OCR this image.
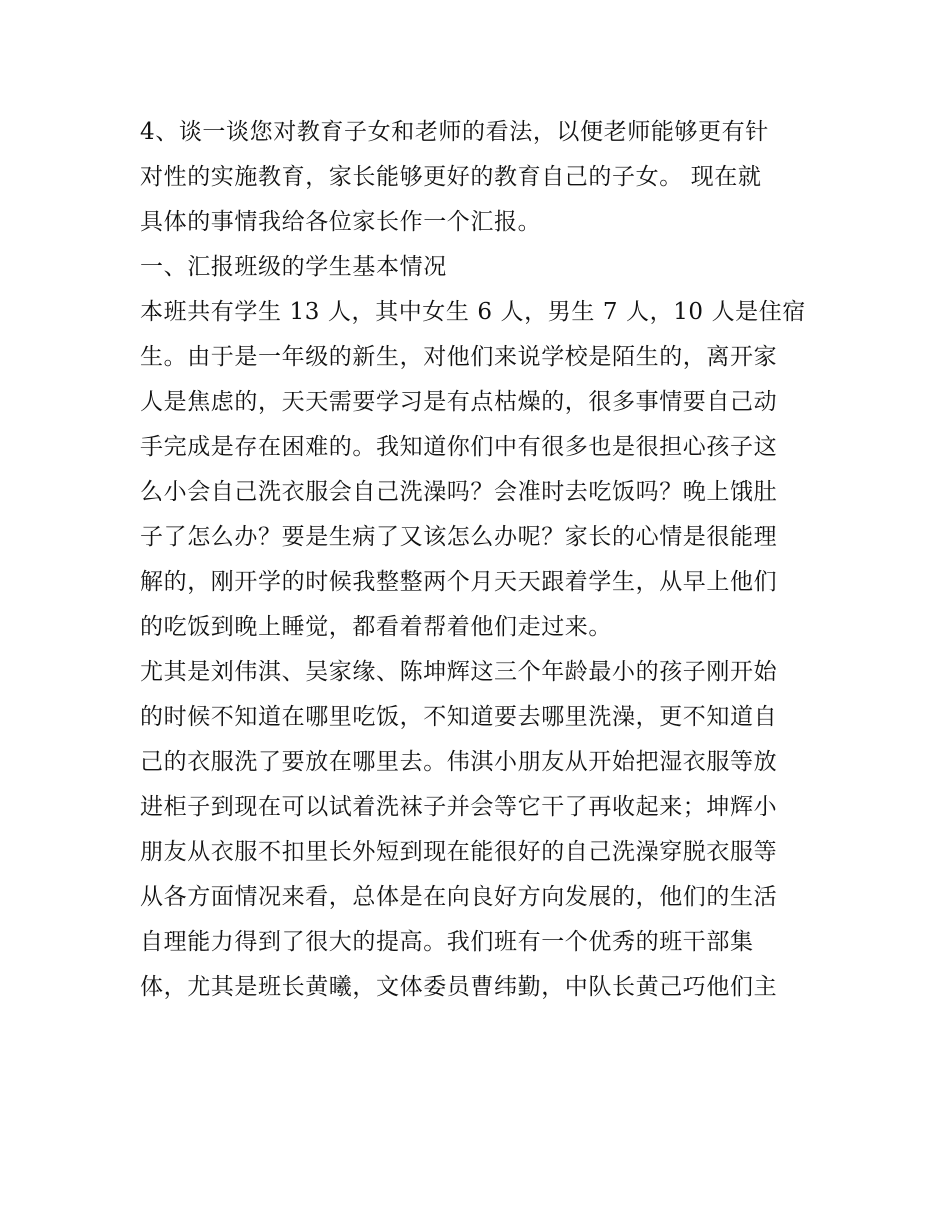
4、谈一谈您对教育子女和老师的看法，以便老师能够更有针
对性的实施教育，家长能够更好的教育自己的子女。 现在就
具体的事情我给各位家长作一个汇报。
一、汇报班级的学生基本情况
本班共有学生 13 人，其中女生 6 人，男生 7 人，10 人是住宿
生。由于是一年级的新生，对他们来说学校是陌生的，离开家
人是焦虑的，天天需要学习是有点枯燥的，很多事情要自己动
手完成是存在困难的。我知道你们中有很多也是很担心孩子这
么小会自己洗衣服会自己洗澡吗？会准时去吃饭吗？晚上饿肚
子了怎么办？要是生病了又该怎么办呢？家长的心情是很能理
解的，刚开学的时候我整整两个月天天跟着学生，从早上他们
的吃饭到晚上睡觉，都看着帮着他们走过来。
尤其是刘伟淇、吴家缘、陈坤辉这三个年龄最小的孩子刚开始
的时候不知道在哪里吃饭，不知道要去哪里洗澡，更不知道自
己的衣服洗了要放在哪里去。伟淇小朋友从开始把湿衣服等放
进柜子到现在可以试着洗袜子并会等它干了再收起来；坤辉小
朋友从衣服不扣里长外短到现在能很好的自己洗澡穿脱衣服等
从各方面情况来看，总体是在向良好方向发展的，他们的生活
自理能力得到了很大的提高。我们班有一个优秀的班干部集
体，尤其是班长黄曦，文体委员曹纬勤，中队长黄己巧他们主
